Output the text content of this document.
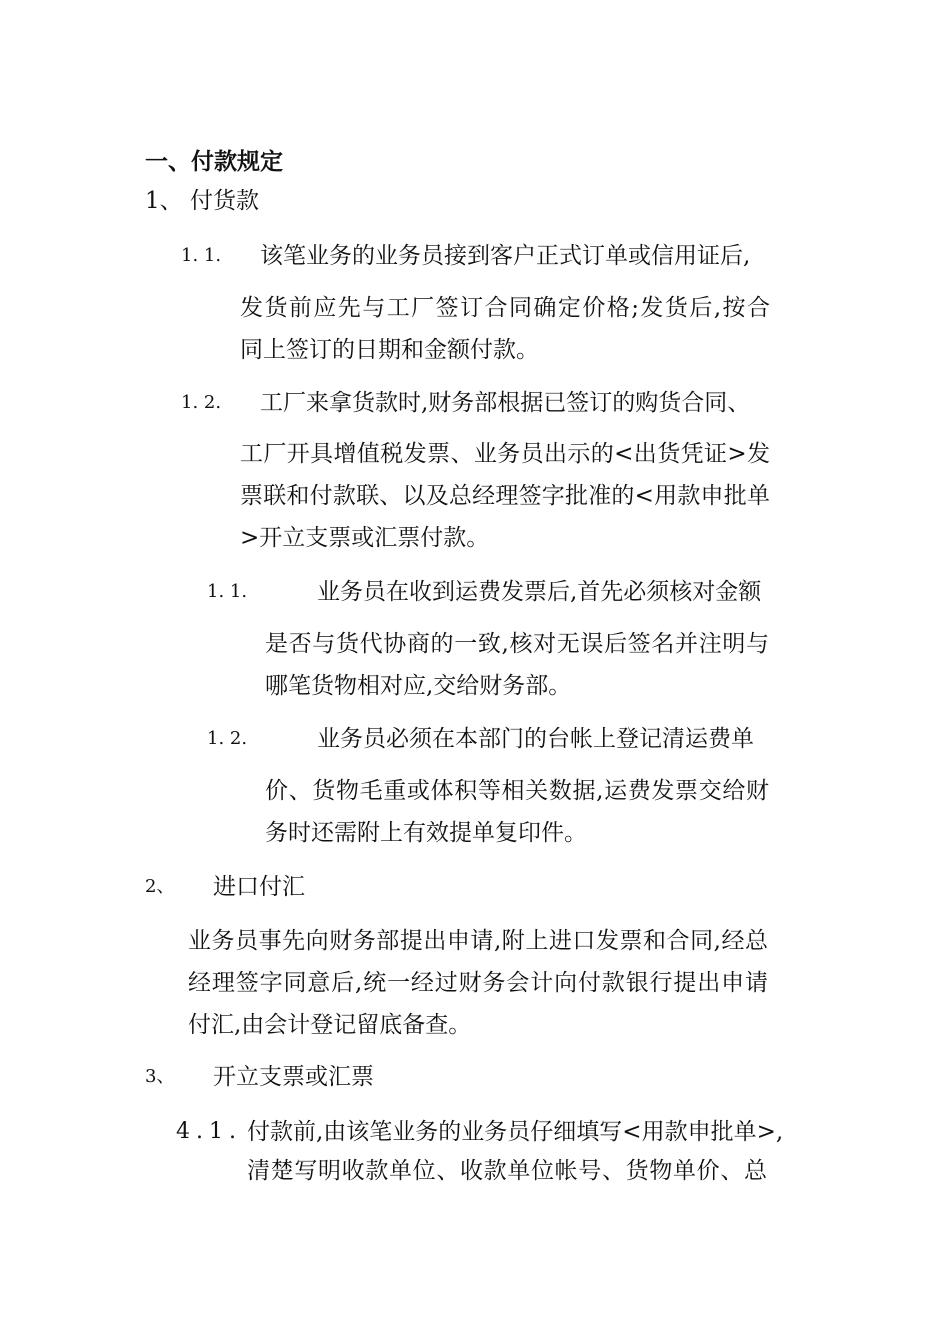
一、付款规定
1、 付货款
1. 1. 该笔业务的业务员接到客户正式订单或信用证后,
发货前应先与工厂签订合同确定价格;发货后,按合
同上签订的日期和金额付款。
1. 2. 工厂来拿货款时,财务部根据已签订的购货合同、
工厂开具增值税发票、业务员出示的<出货凭证>发
票联和付款联、以及总经理签字批准的<用款申批单
>开立支票或汇票付款。
1. 1.	业务员在收到运费发票后,首先必须核对金额
是否与货代协商的一致,核对无误后签名并注明与
哪笔货物相对应,交给财务部。
1. 2.	业务员必须在本部门的台帐上登记清运费单
价、货物毛重或体积等相关数据,运费发票交给财
务时还需附上有效提单复印件。
2、 进口付汇
业务员事先向财务部提出申请,附上进口发票和合同,经总
经理签字同意后,统一经过财务会计向付款银行提出申请
付汇,由会计登记留底备查。
3、 开立支票或汇票
4.1. 付款前,由该笔业务的业务员仔细填写<用款申批单>,
清楚写明收款单位、收款单位帐号、货物单价、总
